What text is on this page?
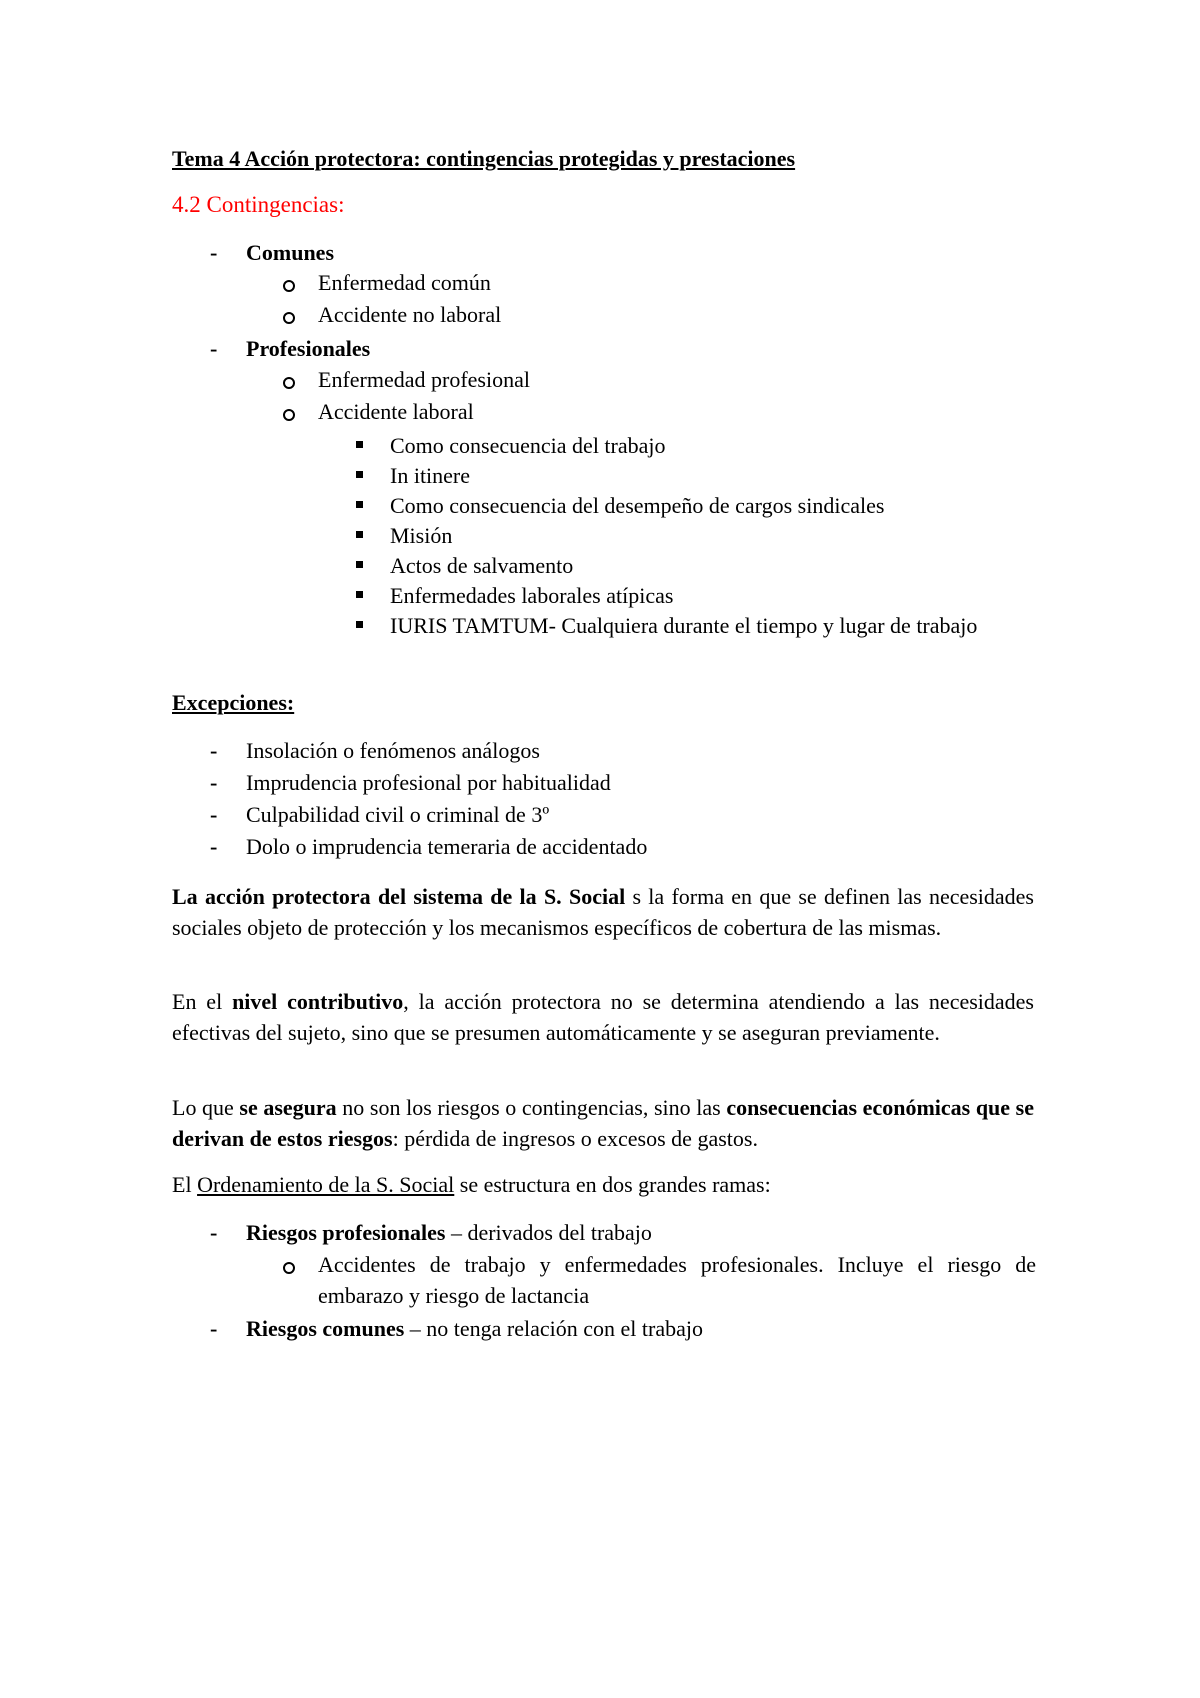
Tema 4 Acción protectora: contingencias protegidas y prestaciones
4.2 Contingencias:
- Comunes
Enfermedad común
Accidente no laboral
- Profesionales
Enfermedad profesional
Accidente laboral
Como consecuencia del trabajo
In itinere
Como consecuencia del desempeño de cargos sindicales
Misión
Actos de salvamento
Enfermedades laborales atípicas
IURIS TAMTUM- Cualquiera durante el tiempo y lugar de trabajo
Excepciones:
- Insolación o fenómenos análogos
- Imprudencia profesional por habitualidad
- Culpabilidad civil o criminal de 3º
- Dolo o imprudencia temeraria de accidentado
La acción protectora del sistema de la S. Social s la forma en que se definen las necesidades sociales objeto de protección y los mecanismos específicos de cobertura de las mismas.
En el nivel contributivo, la acción protectora no se determina atendiendo a las necesidades efectivas del sujeto, sino que se presumen automáticamente y se aseguran previamente.
Lo que se asegura no son los riesgos o contingencias, sino las consecuencias económicas que se derivan de estos riesgos: pérdida de ingresos o excesos de gastos.
El Ordenamiento de la S. Social se estructura en dos grandes ramas:
- Riesgos profesionales – derivados del trabajo
Accidentes de trabajo y enfermedades profesionales. Incluye el riesgo de embarazo y riesgo de lactancia
- Riesgos comunes – no tenga relación con el trabajo
